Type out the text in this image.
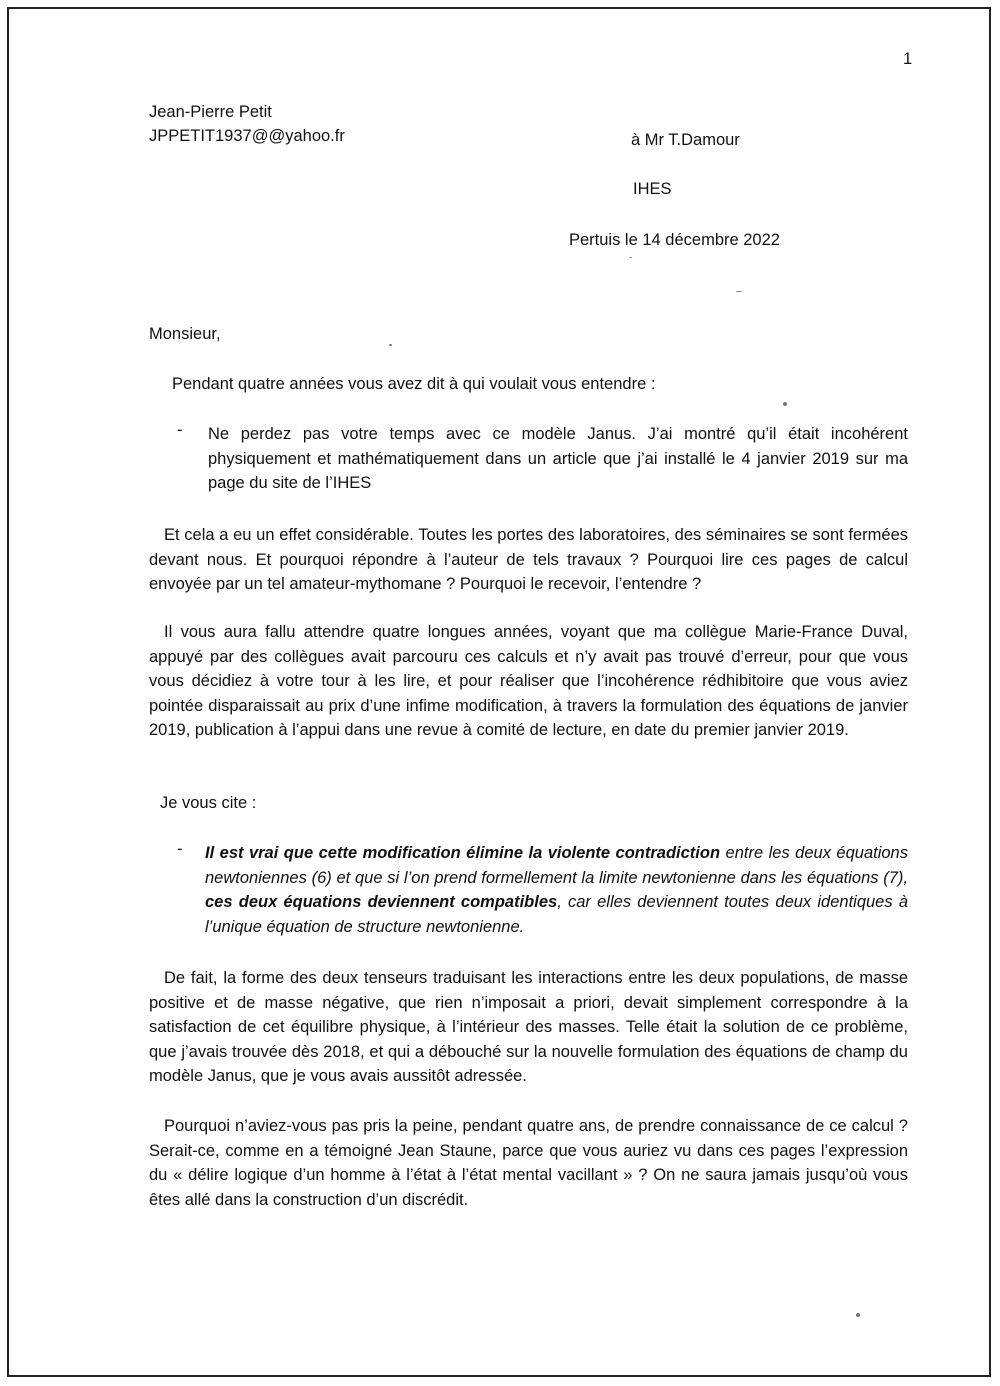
1
Jean-Pierre Petit
JPPETIT1937@@yahoo.fr	à Mr T.Damour
IHES
Pertuis le 14 décembre 2022
Monsieur,
Pendant quatre années vous avez dit à qui voulait vous entendre :
- Ne perdez pas votre temps avec ce modèle Janus. J’ai montré qu’il était incohérent physiquement et mathématiquement dans un article que j’ai installé le 4 janvier 2019 sur ma page du site de l’IHES
Et cela a eu un effet considérable. Toutes les portes des laboratoires, des séminaires se sont fermées devant nous. Et pourquoi répondre à l’auteur de tels travaux ? Pourquoi lire ces pages de calcul envoyée par un tel amateur-mythomane ? Pourquoi le recevoir, l’entendre ?
Il vous aura fallu attendre quatre longues années, voyant que ma collègue Marie-France Duval, appuyé par des collègues avait parcouru ces calculs et n’y avait pas trouvé d’erreur, pour que vous vous décidiez à votre tour à les lire, et pour réaliser que l’incohérence rédhibitoire que vous aviez pointée disparaissait au prix d’une infime modification, à travers la formulation des équations de janvier 2019, publication à l’appui dans une revue à comité de lecture, en date du premier janvier 2019.
Je vous cite :
- Il est vrai que cette modification élimine la violente contradiction entre les deux équations newtoniennes (6) et que si l’on prend formellement la limite newtonienne dans les équations (7), ces deux équations deviennent compatibles, car elles deviennent toutes deux identiques à l’unique équation de structure newtonienne.
De fait, la forme des deux tenseurs traduisant les interactions entre les deux populations, de masse positive et de masse négative, que rien n’imposait a priori, devait simplement correspondre à la satisfaction de cet équilibre physique, à l’intérieur des masses. Telle était la solution de ce problème, que j’avais trouvée dès 2018, et qui a débouché sur la nouvelle formulation des équations de champ du modèle Janus, que je vous avais aussitôt adressée.
Pourquoi n’aviez-vous pas pris la peine, pendant quatre ans, de prendre connaissance de ce calcul ? Serait-ce, comme en a témoigné Jean Staune, parce que vous auriez vu dans ces pages l’expression du « délire logique d’un homme à l’état à l’état mental vacillant » ? On ne saura jamais jusqu’où vous êtes allé dans la construction d’un discrédit.
